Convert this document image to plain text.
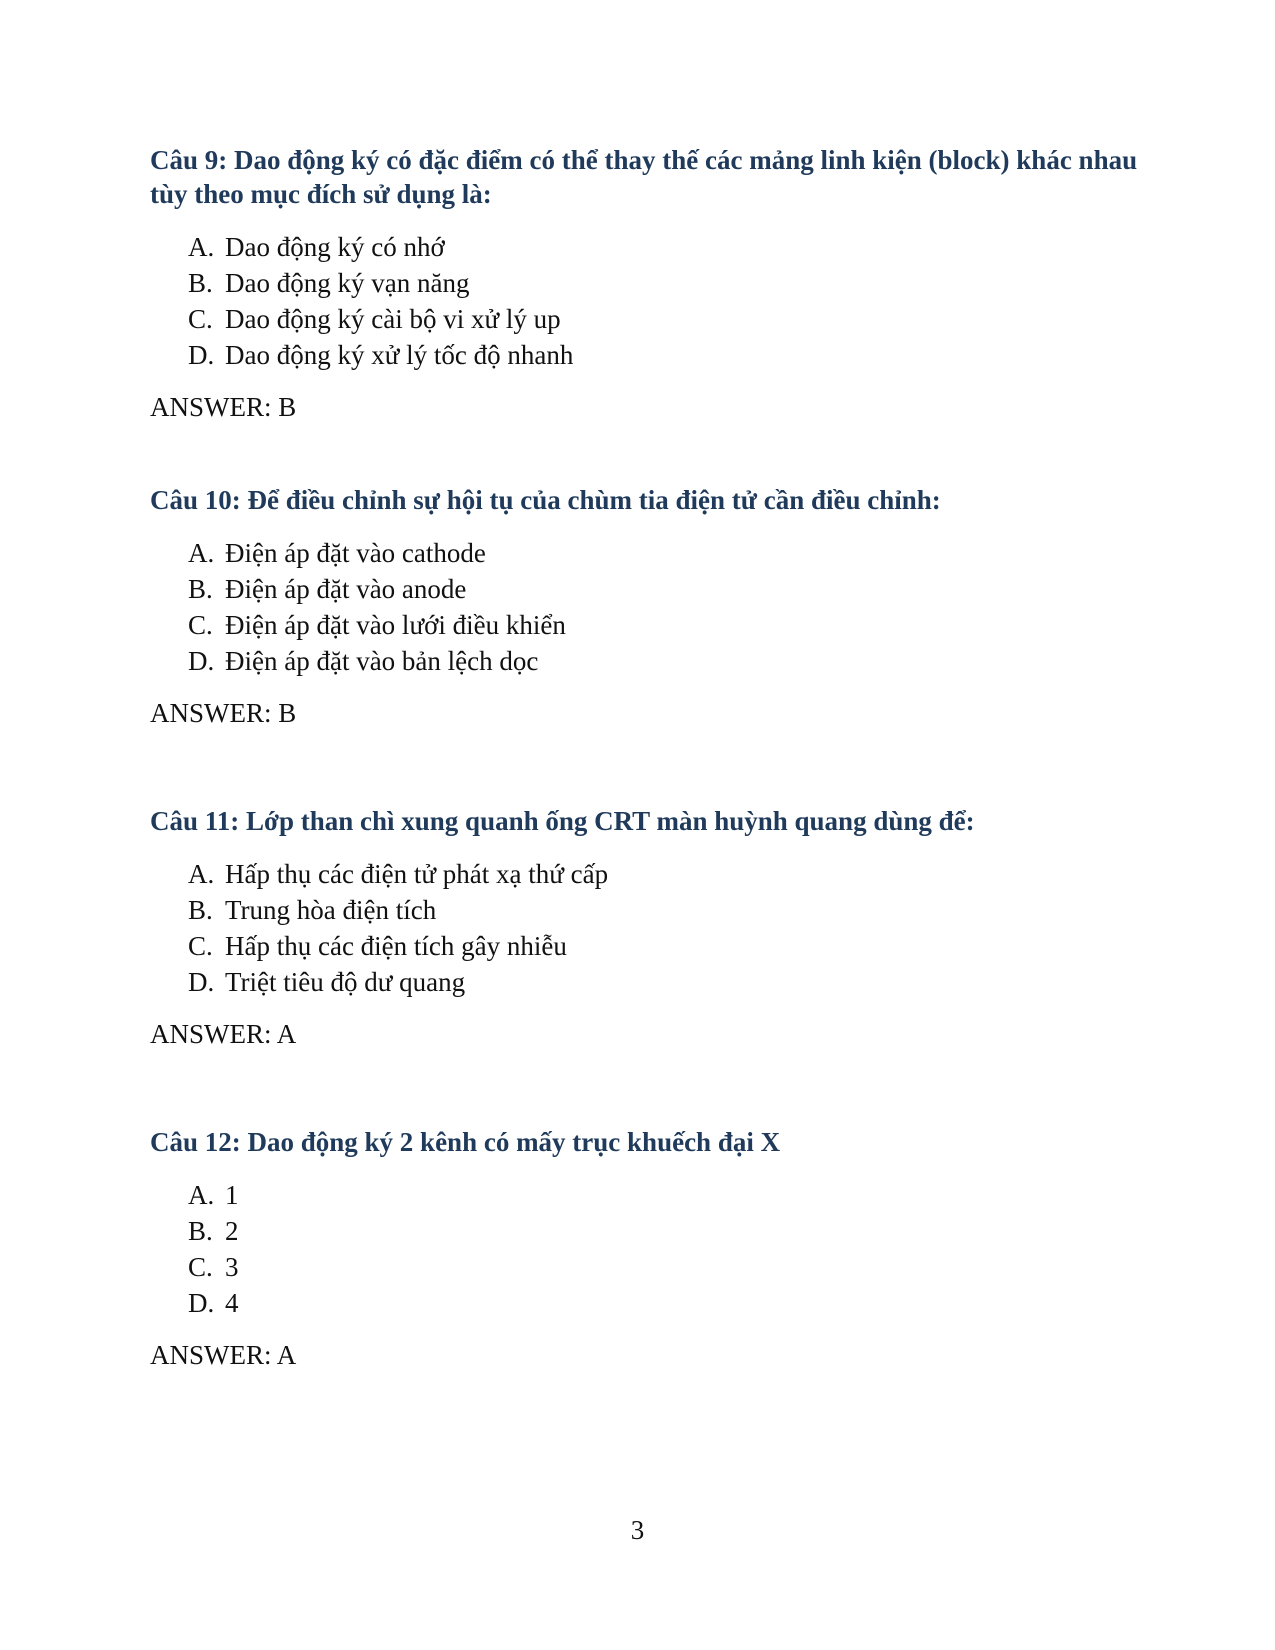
Câu 9: Dao động ký có đặc điểm có thể thay thế các mảng linh kiện (block) khác nhau   tùy theo mục đích sử dụng là:

A. Dao động ký có nhớ
B. Dao động ký vạn năng
C. Dao động ký cài bộ vi xử lý up
D. Dao động ký xử lý tốc độ nhanh
ANSWER: B

Câu 10: Để điều chỉnh sự hội tụ của chùm tia điện tử cần điều chỉnh:

A. Điện áp đặt vào cathode
B. Điện áp đặt vào anode
C. Điện áp đặt vào lưới điều khiển
D. Điện áp đặt vào bản lệch dọc
ANSWER: B

Câu 11: Lớp than chì xung quanh ống CRT màn huỳnh quang dùng để:

A. Hấp thụ các điện tử phát xạ thứ cấp
B. Trung hòa điện tích
C. Hấp thụ các điện tích gây nhiễu
D. Triệt tiêu độ dư quang
ANSWER: A

Câu 12: Dao động ký 2 kênh có mấy trục khuếch đại X

A. 1
B. 2
C. 3
D. 4
ANSWER: A
3
